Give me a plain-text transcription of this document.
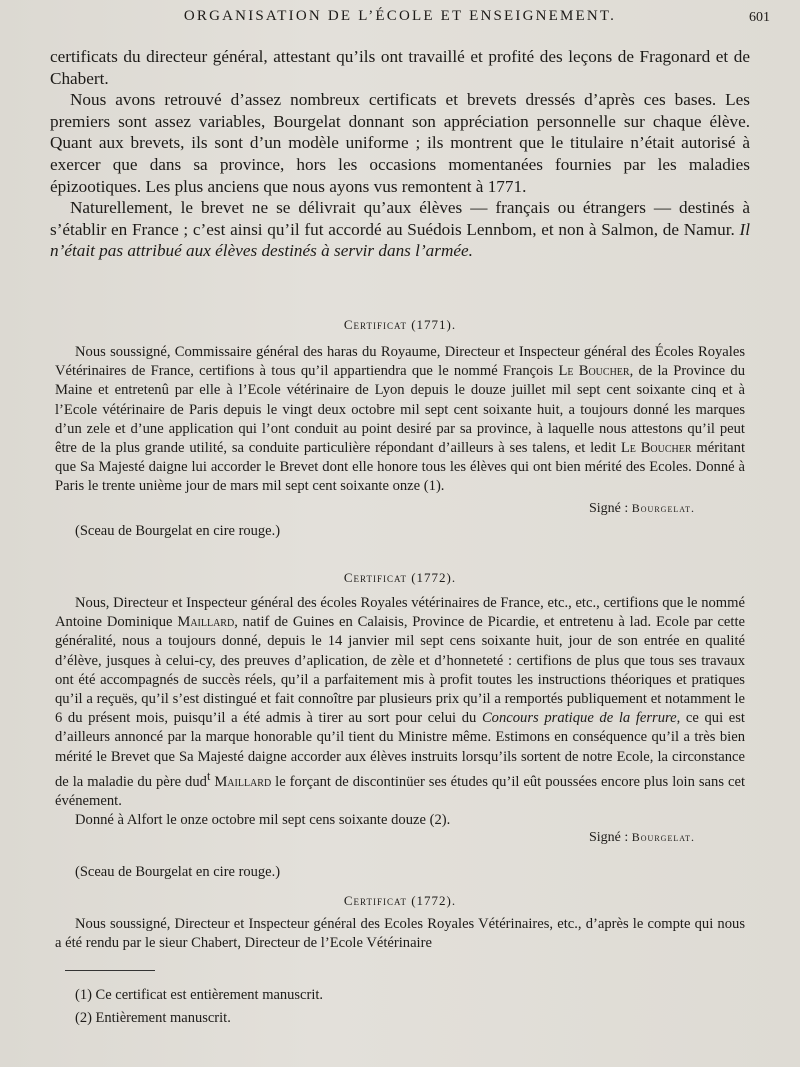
ORGANISATION DE L’ÉCOLE ET ENSEIGNEMENT.	601

certificats du directeur général, attestant qu’ils ont travaillé et profité des leçons de Fragonard et de Chabert.

Nous avons retrouvé d’assez nombreux certificats et brevets dressés d’après ces bases. Les premiers sont assez variables, Bourgelat donnant son appréciation personnelle sur chaque élève. Quant aux brevets, ils sont d’un modèle uniforme ; ils montrent que le titulaire n’était autorisé à exercer que dans sa province, hors les occasions momentanées fournies par les maladies épizootiques. Les plus anciens que nous ayons vus remontent à 1771.

Naturellement, le brevet ne se délivrait qu’aux élèves — français ou étrangers — destinés à s’établir en France ; c’est ainsi qu’il fut accordé au Suédois Lennbom, et non à Salmon, de Namur. Il n’était pas attribué aux élèves destinés à servir dans l’armée.

Certificat (1771).

Nous soussigné, Commissaire général des haras du Royaume, Directeur et Inspecteur général des Écoles Royales Vétérinaires de France, certifions à tous qu’il appartiendra que le nommé François Le Boucher, de la Province du Maine et entretenû par elle à l’Ecole vétérinaire de Lyon depuis le douze juillet mil sept cent soixante cinq et à l’Ecole vétérinaire de Paris depuis le vingt deux octobre mil sept cent soixante huit, a toujours donné les marques d’un zele et d’une application qui l’ont conduit au point desiré par sa province, à laquelle nous attestons qu’il peut être de la plus grande utilité, sa conduite particulière répondant d’ailleurs à ses talens, et ledit Le Boucher méritant que Sa Majesté daigne lui accorder le Brevet dont elle honore tous les élèves qui ont bien mérité des Ecoles. Donné à Paris le trente unième jour de mars mil sept cent soixante onze (1).

Signé : Bourgelat.
(Sceau de Bourgelat en cire rouge.)

Certificat (1772).

Nous, Directeur et Inspecteur général des écoles Royales vétérinaires de France, etc., etc., certifions que le nommé Antoine Dominique Maillard, natif de Guines en Calaisis, Province de Picardie, et entretenu à lad. Ecole par cette généralité, nous a toujours donné, depuis le 14 janvier mil sept cens soixante huit, jour de son entrée en qualité d’élève, jusques à celui-cy, des preuves d’aplication, de zèle et d’honneteté : certifions de plus que tous ses travaux ont été accompagnés de succès réels, qu’il a parfaitement mis à profit toutes les instructions théoriques et pratiques qu’il a reçuës, qu’il s’est distingué et fait connoître par plusieurs prix qu’il a remportés publiquement et notamment le 6 du présent mois, puisqu’il a été admis à tirer au sort pour celui du Concours pratique de la ferrure, ce qui est d’ailleurs annoncé par la marque honorable qu’il tient du Ministre même. Estimons en conséquence qu’il a très bien mérité le Brevet que Sa Majesté daigne accorder aux élèves instruits lorsqu’ils sortent de notre Ecole, la circonstance de la maladie du père dud$^t$ Maillard le forçant de discontinüer ses études qu’il eût poussées encore plus loin sans cet événement.

Donné à Alfort le onze octobre mil sept cens soixante douze (2).

Signé : Bourgelat.
(Sceau de Bourgelat en cire rouge.)

Certificat (1772).

Nous soussigné, Directeur et Inspecteur général des Ecoles Royales Vétérinaires, etc., d’après le compte qui nous a été rendu par le sieur Chabert, Directeur de l’Ecole Vétérinaire

(1) Ce certificat est entièrement manuscrit.
(2) Entièrement manuscrit.
